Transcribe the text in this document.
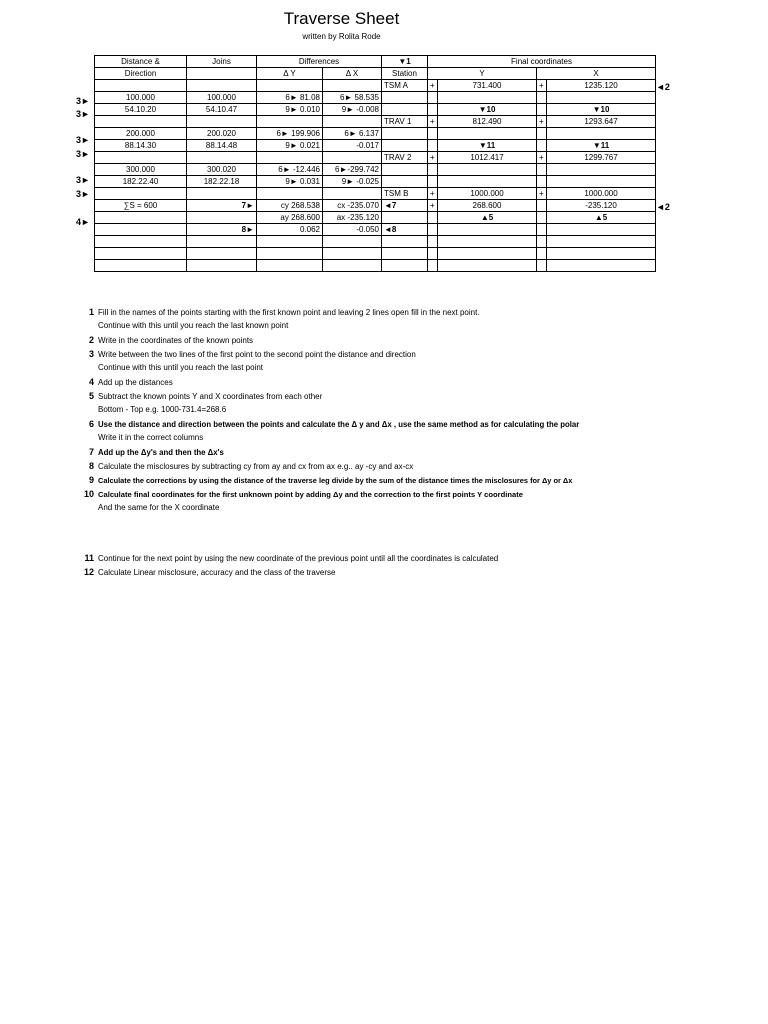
Traverse Sheet
written by Rolita Rode
Distance &	Joins	Differences		▼1	Final coordinates			
Direction		Δ Y	Δ X	Station	Y		X	
				TSM A	+	731.400	+	1235.120
100.000	100.000	6► 81.08	6► 58.535					
54.10.20	54.10.47	9► 0.010	9► -0.008			▼10		▼10
				TRAV 1	+	812.490	+	1293.647
200.000	200.020	6► 199.906	6► 6.137					
88.14.30	88.14.48	9► 0.021	-0.017			▼11		▼11
				TRAV 2	+	1012.417	+	1299.767
300.000	300.020	6► -12.446	6►-299.742					
182.22.40	182.22.18	9► 0.031	9► -0.025					
				TSM B	+	1000.000	+	1000.000
∑S = 600	7►	cy 268.538	cx -235.070	◄7	+	268.600		-235.120
		ay 268.600	ax -235.120			▲5		▲5
	8►	0.062	-0.050	◄8				

3►
3►
3►
3►
3►
3►
4►
◄2
◄2
1 Fill in the names of the points starting with the first known point and leaving 2 lines open fill in the next point.
Continue with this until you reach the last known point
2 Write in the coordinates of the known points
3 Write between the two lines of the first point to the second point the distance and direction
Continue with this until you reach the last point
4 Add up the distances
5 Subtract the known points Y and X coordinates from each other
Bottom - Top e.g. 1000-731.4=268.6
6 Use the distance and direction between the points and calculate the Δ y and Δx , use the same method as for calculating the polar
Write it in the correct columns
7 Add up the Δy's and then the Δx's
8 Calculate the misclosures by subtracting cy from ay and cx from ax e.g.. ay -cy and ax-cx
9 Calculate the corrections by using the distance of the traverse leg divide by the sum of the distance times the misclosures for Δy or Δx
10 Calculate final coordinates for the first unknown point by adding Δy and the correction to the first points Y coordinate
And the same for the X coordinate
11 Continue for the next point by using the new coordinate of the previous point until all the coordinates is calculated
12 Calculate Linear misclosure, accuracy and the class of the traverse
